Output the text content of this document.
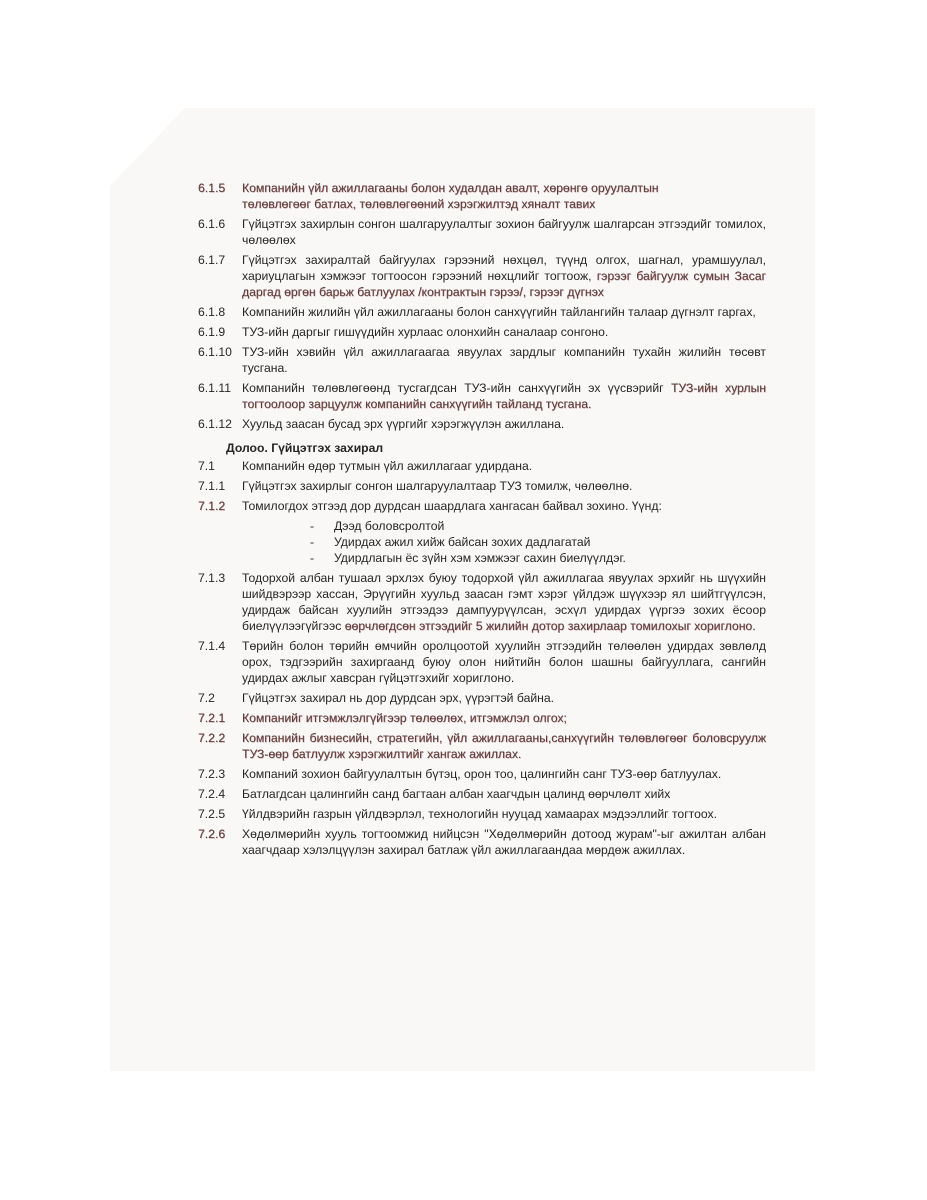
6.1.5	Компанийн үйл ажиллагааны болон худалдан авалт, хөрөнгө оруулалтын
төлөвлөгөөг батлах, төлөвлөгөөний хэрэгжилтэд хяналт тавих
6.1.6	Гүйцэтгэх захирлын сонгон шалгаруулалтыг зохион байгуулж шалгарсан этгээдийг томилох, чөлөөлөх
6.1.7	Гүйцэтгэх захиралтай байгуулах гэрээний нөхцөл, түүнд олгох, шагнал, урамшуулал, хариуцлагын хэмжээг тогтоосон гэрээний нөхцлийг тогтоож, гэрээг байгуулж сумын Засаг даргад өргөн барьж батлуулах /контрактын гэрээ/, гэрээг дүгнэх
6.1.8	Компанийн жилийн үйл ажиллагааны болон санхүүгийн тайлангийн талаар дүгнэлт гаргах,
6.1.9	ТУЗ-ийн даргыг гишүүдийн хурлаас олонхийн саналаар сонгоно.
6.1.10 ТУЗ-ийн хэвийн үйл ажиллагаагаа явуулах зардлыг компанийн тухайн жилийн төсөвт тусгана.
6.1.11 Компанийн төлөвлөгөөнд тусгагдсан ТУЗ-ийн санхүүгийн эх үүсвэрийг ТУЗ-ийн хурлын тогтоолоор зарцуулж компанийн санхүүгийн тайланд тусгана.
6.1.12 Хуульд заасан бусад эрх үүргийг хэрэгжүүлэн ажиллана.
Долоо. Гүйцэтгэх захирал
7.1	Компанийн өдөр тутмын үйл ажиллагааг удирдана.
7.1.1	Гүйцэтгэх захирлыг сонгон шалгаруулалтаар ТУЗ томилж, чөлөөлнө.
7.1.2	Томилогдох этгээд дор дурдсан шаардлага хангасан байвал зохино. Үүнд:
-	Дээд боловсролтой
-	Удирдах ажил хийж байсан зохих дадлагатай
-	Удирдлагын ёс зүйн хэм хэмжээг сахин биелүүлдэг.
7.1.3	Тодорхой албан тушаал эрхлэх буюу тодорхой үйл ажиллагаа явуулах эрхийг нь шүүхийн шийдвэрээр хассан, Эрүүгийн хуульд заасан гэмт хэрэг үйлдэж шүүхээр ял шийтгүүлсэн, удирдаж байсан хуулийн этгээдээ дампуурүүлсан, эсхүл удирдах үүргээ зохих ёсоор биелүүлээгүйгээс өөрчлөгдсөн этгээдийг 5 жилийн дотор захирлаар томилохыг хориглоно.
7.1.4	Төрийн болон төрийн өмчийн оролцоотой хуулийн этгээдийн төлөөлөн удирдах зөвлөлд орох, тэдгээрийн захиргаанд буюу олон нийтийн болон шашны байгууллага, сангийн удирдах ажлыг хавсран гүйцэтгэхийг хориглоно.
7.2	Гүйцэтгэх захирал нь дор дурдсан эрх, үүрэгтэй байна.
7.2.1	Компанийг итгэмжлэлгүйгээр төлөөлөх, итгэмжлэл олгох;
7.2.2	Компанийн бизнесийн, стратегийн, үйл ажиллагааны,санхүүгийн төлөвлөгөөг боловсруулж ТУЗ-өөр батлуулж хэрэгжилтийг хангаж ажиллах.
7.2.3	Компаний зохион байгуулалтын бүтэц, орон тоо, цалингийн санг ТУЗ-өөр батлуулах.
7.2.4	Батлагдсан цалингийн санд багтаан албан хаагчдын цалинд өөрчлөлт хийх
7.2.5	Үйлдвэрийн газрын үйлдвэрлэл, технологийн нууцад хамаарах мэдээллийг тогтоох.
7.2.6	Хөдөлмөрийн хууль тогтоомжид нийцсэн "Хөдөлмөрийн дотоод журам"-ыг ажилтан албан хаагчдаар хэлэлцүүлэн захирал батлаж үйл ажиллагаандаа мөрдөж ажиллах.
